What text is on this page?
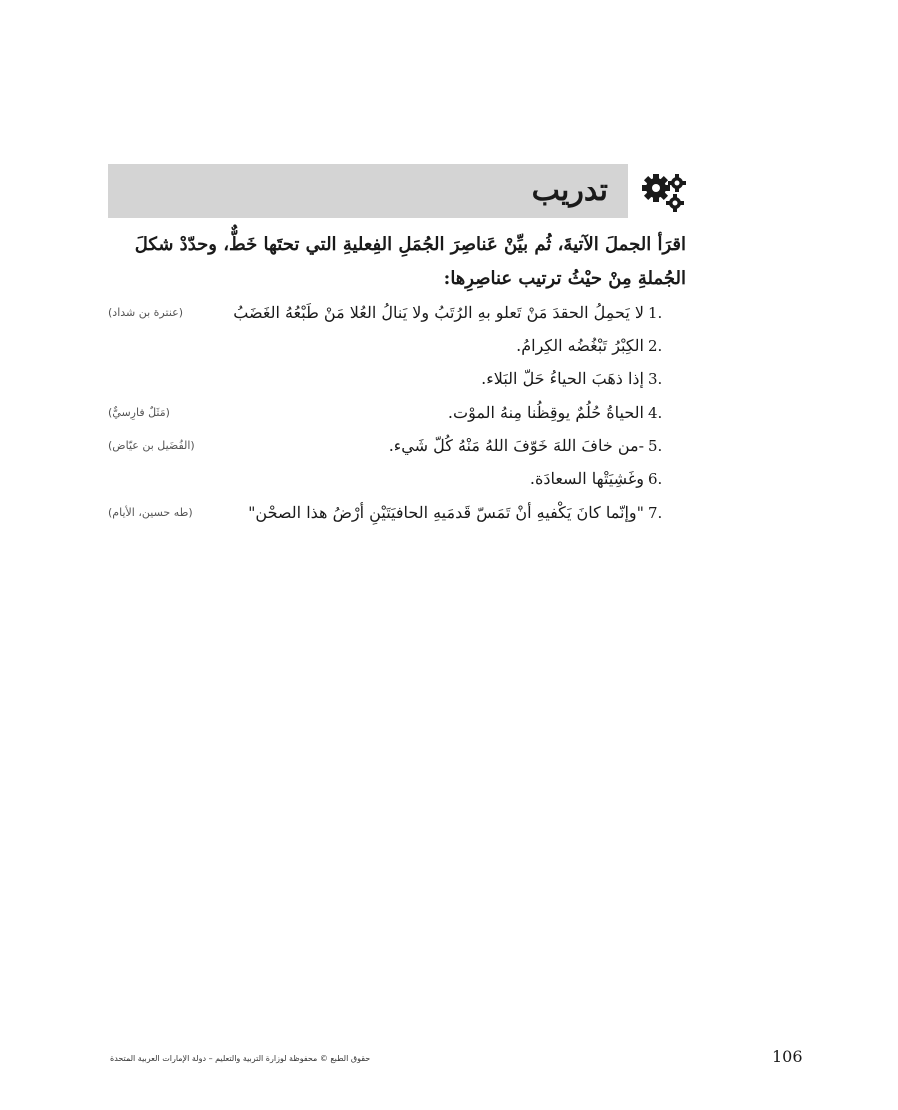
تدريب

اقرَأ الجملَ الآتيةَ، ثُم بيِّنْ عَناصِرَ الجُمَلِ الفِعليةِ التي تحتَها خَطٌّ، وحدّدْ شكلَ الجُملةِ مِنْ حيْثُ ترتيب عناصِرِها:

1.
لا يَحمِلُ الحقدَ مَنْ تَعلو بهِ الرُتَبُ ولا يَنالُ العُلا مَنْ طَبْعُهُ الغَضَبُ
(عنترة بن شداد)
2.
الكِبْرُ تَبْغُضُه الكِرامُ.
3.
إذا ذهَبَ الحياءُ حَلّ البَلاء.
4.
الحياةُ حُلُمٌ يوقِظُنا مِنهُ الموْت.
(مَثَلٌ فارِسيٌّ)
5.
-من خافَ اللهَ خَوّفَ اللهُ مَنْهُ كُلّ شَيء.
(الفُضَيل بن عيّاض)
6.
وغَشِيَتْها السعادَة.
7.
"وإنّما كانَ يَكْفيهِ أنْ تَمَسّ قَدمَيهِ الحافيَتَيْنِ أرْضُ هذا الصحْن"
(طه حسين، الأيام)
حقوق الطبع © محفوظة لوزارة التربية والتعليم – دولة الإمارات العربية المتحدة	106
